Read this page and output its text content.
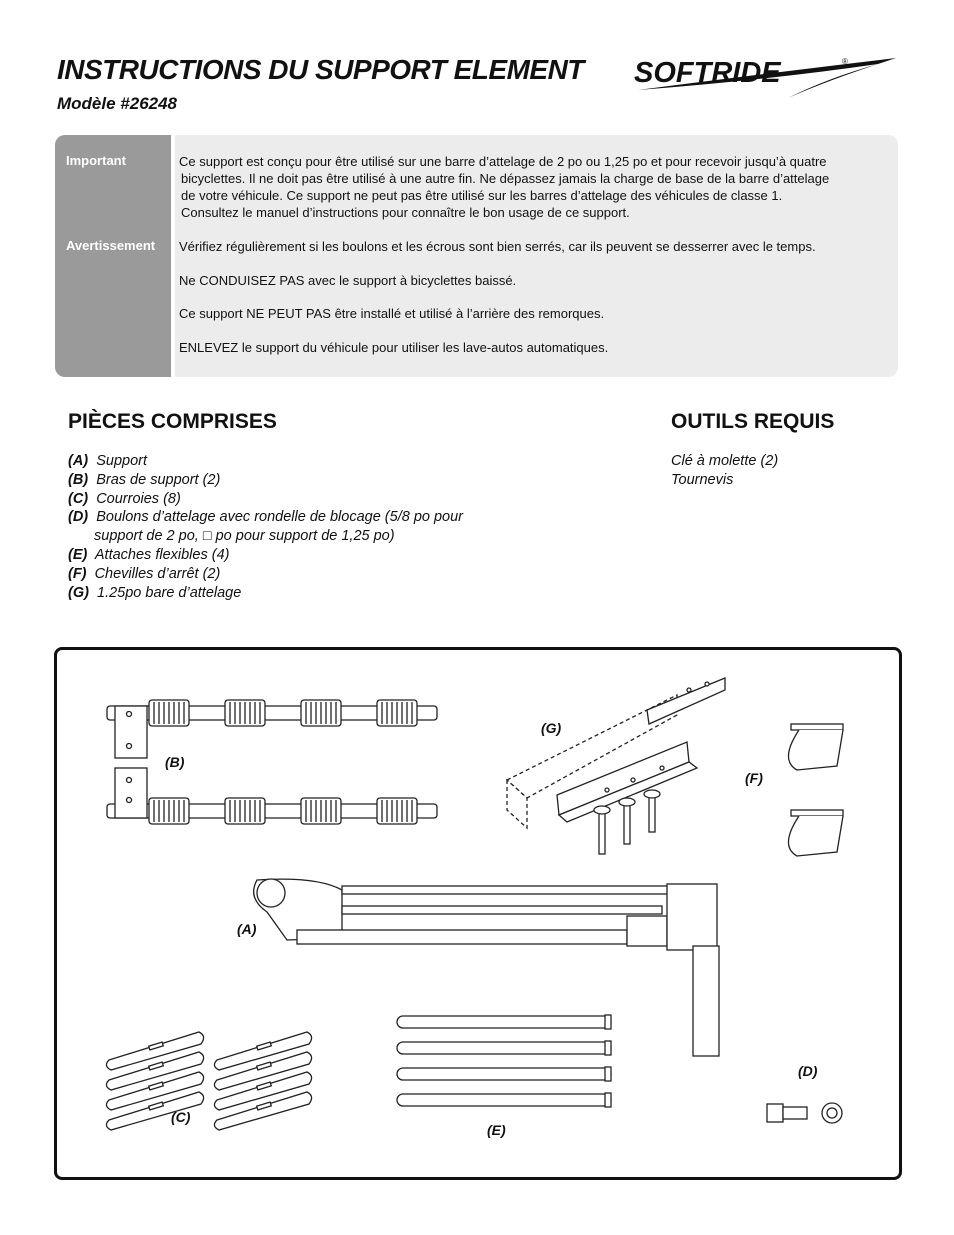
INSTRUCTIONS DU SUPPORT ELEMENT
Modèle #26248
SOFTRIDE	®
Important
Avertissement
Ce support est conçu pour être utilisé sur une barre d’attelage de 2 po ou 1,25 po et pour recevoir jusqu’à quatre
bicyclettes. Il ne doit pas être utilisé à une autre fin. Ne dépassez jamais la charge de base de la barre d’attelage
de votre véhicule. Ce support ne peut pas être utilisé sur les barres d’attelage des véhicules de classe 1.
Consultez le manuel d’instructions pour connaître le bon usage de ce support.
Vérifiez régulièrement si les boulons et les écrous sont bien serrés, car ils peuvent se desserrer avec le temps.
Ne CONDUISEZ PAS avec le support à bicyclettes baissé.
Ce support NE PEUT PAS être installé et utilisé à l’arrière des remorques.
ENLEVEZ le support du véhicule pour utiliser les lave-autos automatiques.
PIÈCES COMPRISES
(A) Support
(B) Bras de support (2)
(C) Courroies (8)
(D) Boulons d’attelage avec rondelle de blocage (5/8 po pour
support de 2 po, □ po pour support de 1,25 po)
(E) Attaches flexibles (4)
(F) Chevilles d’arrêt (2)
(G) 1.25po bare d’attelage
OUTILS REQUIS
Clé à molette (2)
Tournevis
(B)
(G)
(F)
(A)
(C)
(E)
(D)
